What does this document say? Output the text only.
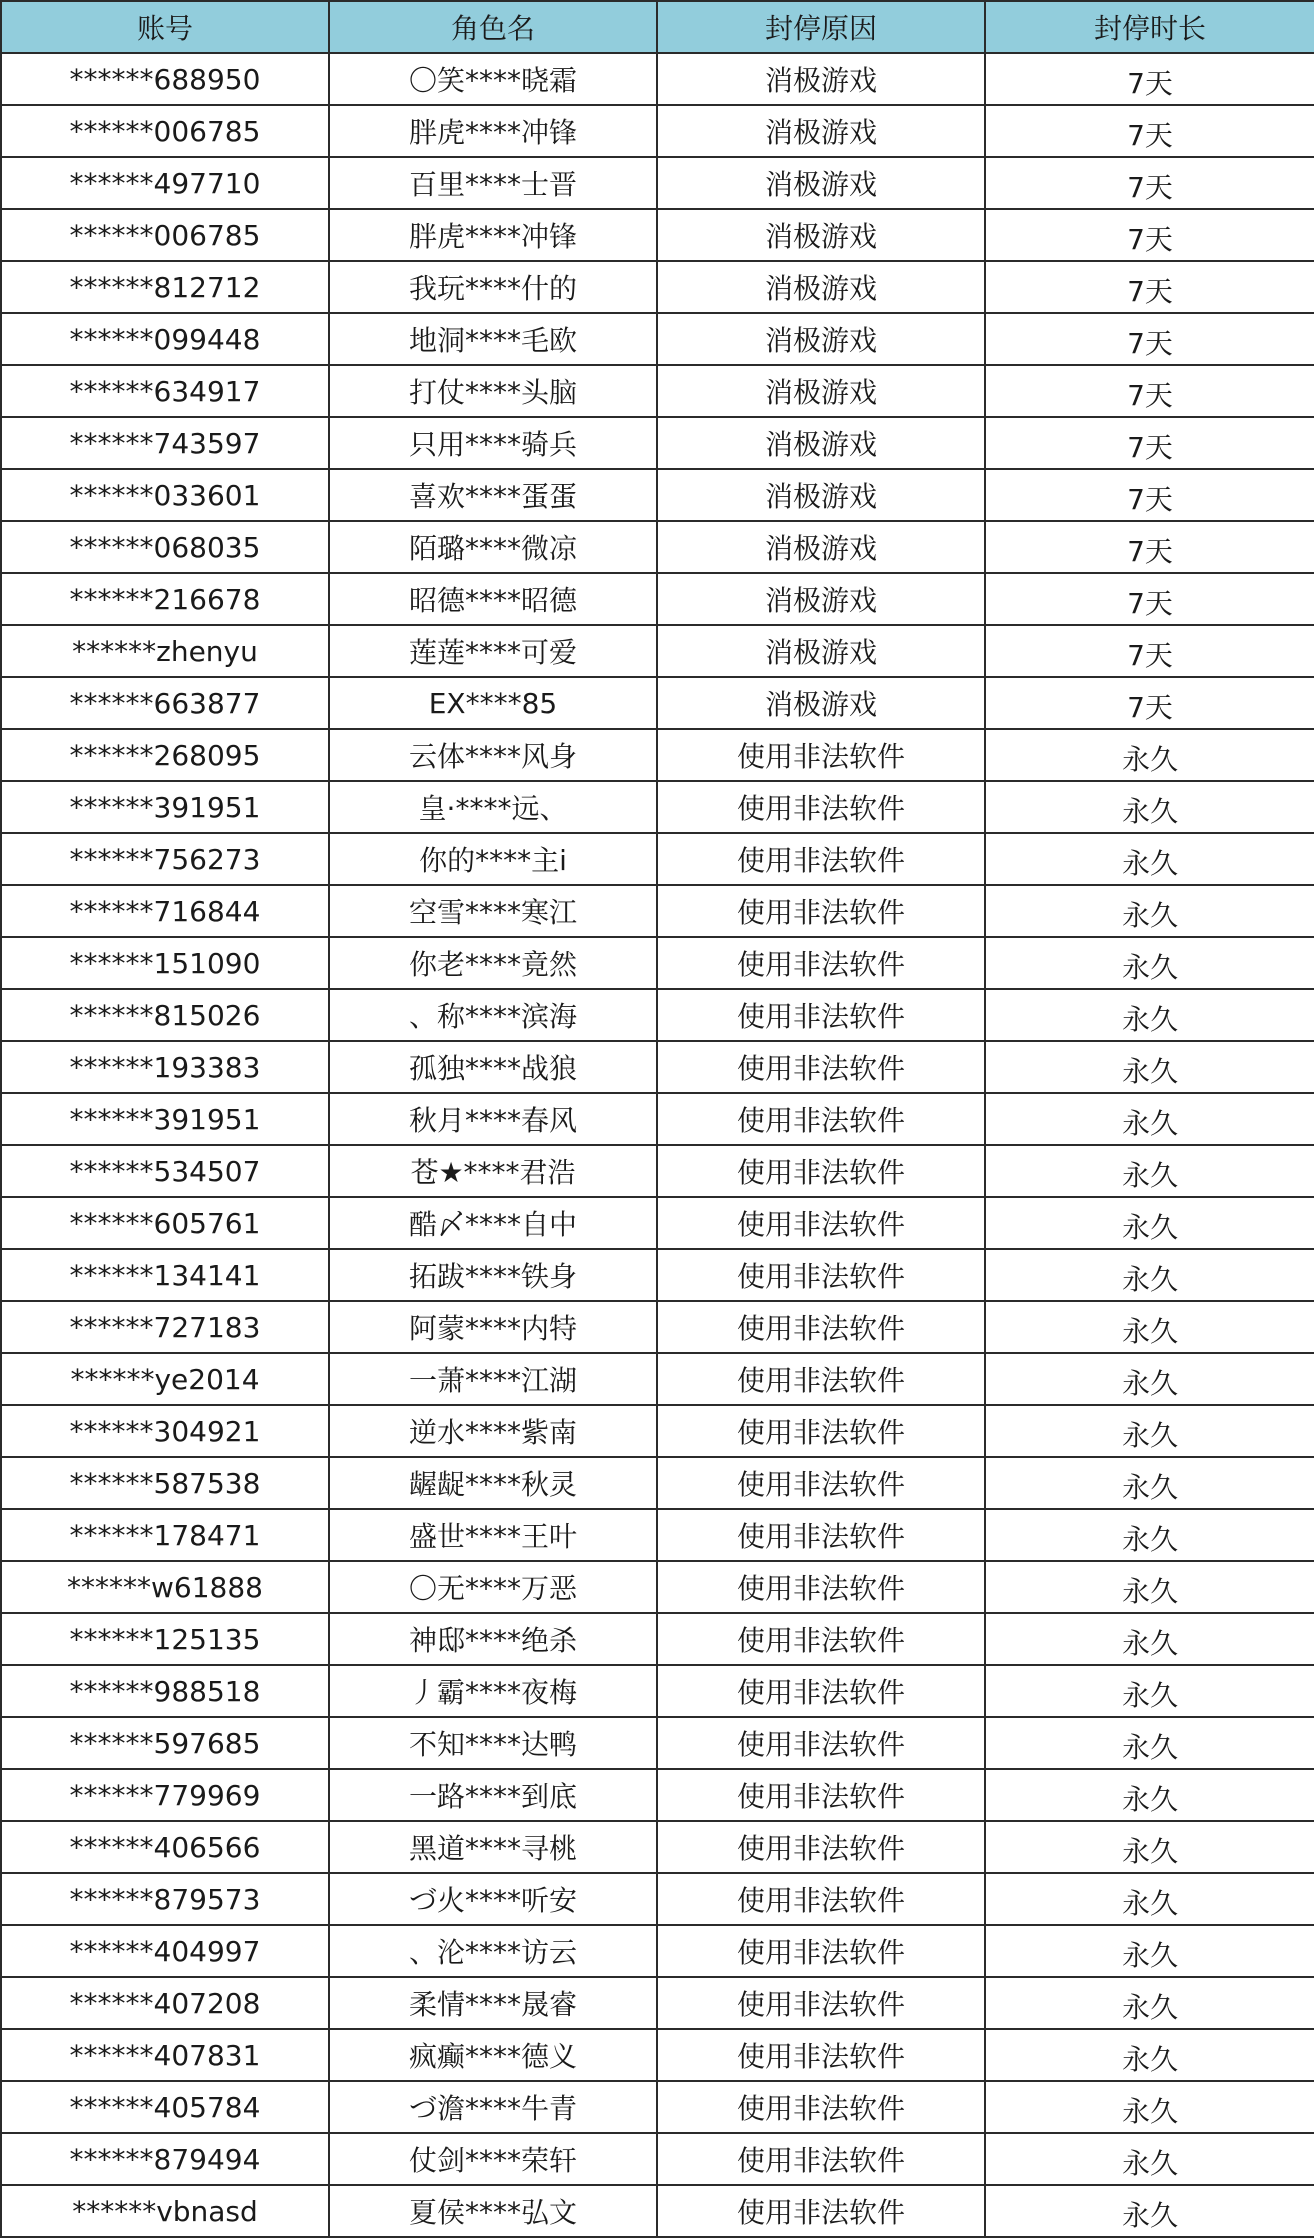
账号	角色名	封停原因	封停时长
******688950	〇笑****晓霜	消极游戏	7天
******006785	胖虎****冲锋	消极游戏	7天
******497710	百里****士晋	消极游戏	7天
******006785	胖虎****冲锋	消极游戏	7天
******812712	我玩****什的	消极游戏	7天
******099448	地洞****毛欧	消极游戏	7天
******634917	打仗****头脑	消极游戏	7天
******743597	只用****骑兵	消极游戏	7天
******033601	喜欢****蛋蛋	消极游戏	7天
******068035	陌璐****微凉	消极游戏	7天
******216678	昭德****昭德	消极游戏	7天
******zhenyu	莲莲****可爱	消极游戏	7天
******663877	EX****85	消极游戏	7天
******268095	云体****风身	使用非法软件	永久
******391951	皇·****远、	使用非法软件	永久
******756273	你的****主i	使用非法软件	永久
******716844	空雪****寒江	使用非法软件	永久
******151090	你老****竟然	使用非法软件	永久
******815026	、称****滨海	使用非法软件	永久
******193383	孤独****战狼	使用非法软件	永久
******391951	秋月****春风	使用非法软件	永久
******534507	苍★****君浩	使用非法软件	永久
******605761	酷〆****自中	使用非法软件	永久
******134141	拓跋****铁身	使用非法软件	永久
******727183	阿蒙****内特	使用非法软件	永久
******ye2014	一萧****江湖	使用非法软件	永久
******304921	逆水****紫南	使用非法软件	永久
******587538	龌龊****秋灵	使用非法软件	永久
******178471	盛世****王叶	使用非法软件	永久
******w61888	〇无****万恶	使用非法软件	永久
******125135	神邸****绝杀	使用非法软件	永久
******988518	丿霸****夜梅	使用非法软件	永久
******597685	不知****达鸭	使用非法软件	永久
******779969	一路****到底	使用非法软件	永久
******406566	黑道****寻桃	使用非法软件	永久
******879573	づ火****听安	使用非法软件	永久
******404997	、沦****访云	使用非法软件	永久
******407208	柔情****晟睿	使用非法软件	永久
******407831	疯癫****德义	使用非法软件	永久
******405784	づ澹****牛青	使用非法软件	永久
******879494	仗剑****荣轩	使用非法软件	永久
******vbnasd	夏侯****弘文	使用非法软件	永久
